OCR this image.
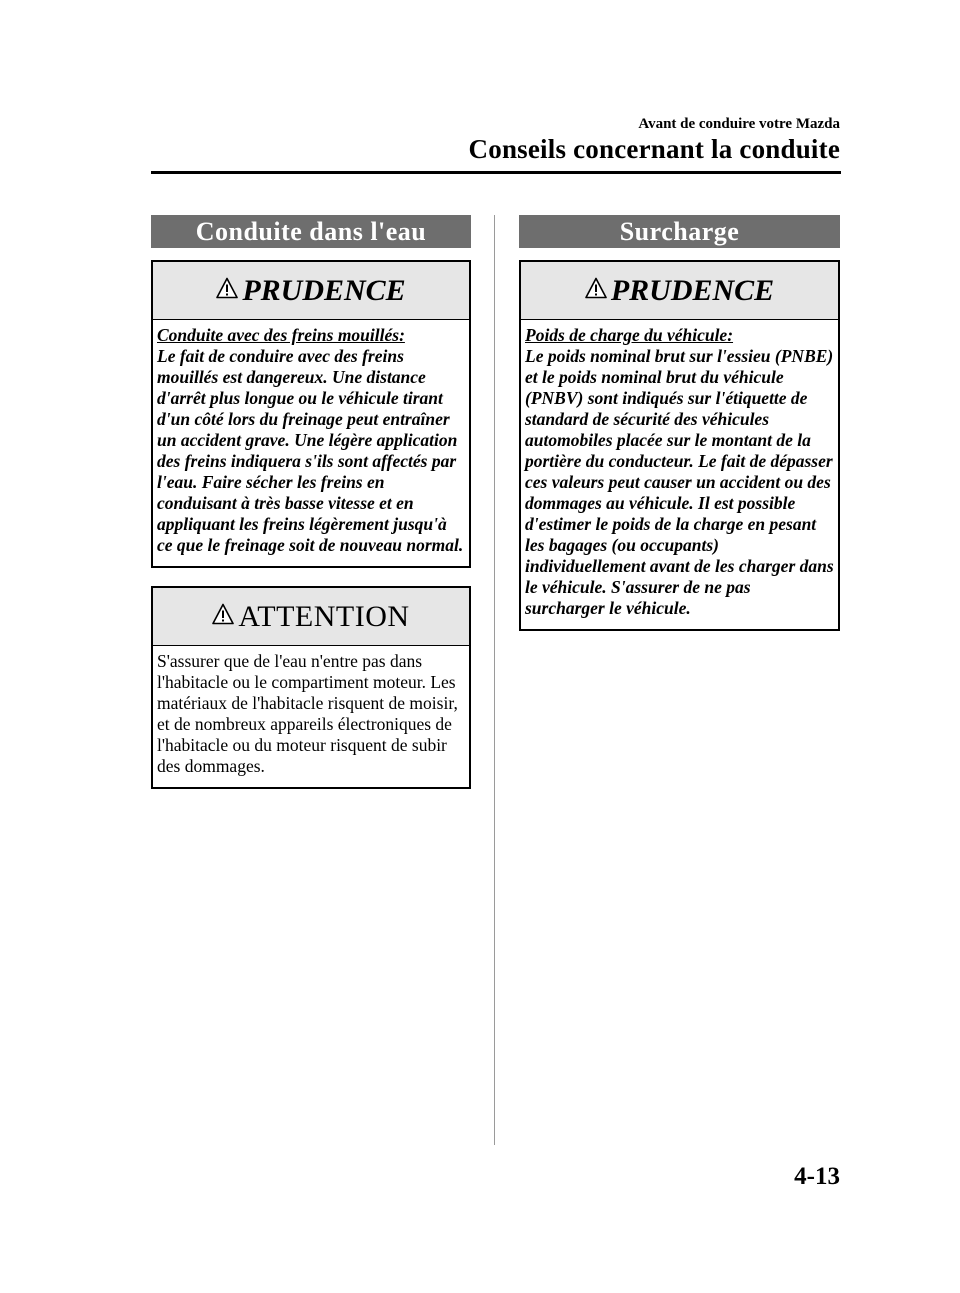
Avant de conduire votre Mazda
Conseils concernant la conduite
Conduite dans l'eau
PRUDENCE

Conduite avec des freins mouillés:

Le fait de conduire avec des freins mouillés est dangereux. Une distance d'arrêt plus longue ou le véhicule tirant d'un côté lors du freinage peut entraîner un accident grave. Une légère application des freins indiquera s'ils sont affectés par l'eau. Faire sécher les freins en conduisant à très basse vitesse et en appliquant les freins légèrement jusqu'à ce que le freinage soit de nouveau normal.

ATTENTION

S'assurer que de l'eau n'entre pas dans l'habitacle ou le compartiment moteur. Les matériaux de l'habitacle risquent de moisir, et de nombreux appareils électroniques de l'habitacle ou du moteur risquent de subir des dommages.

Surcharge
PRUDENCE

Poids de charge du véhicule:

Le poids nominal brut sur l'essieu (PNBE) et le poids nominal brut du véhicule (PNBV) sont indiqués sur l'étiquette de standard de sécurité des véhicules automobiles placée sur le montant de la portière du conducteur. Le fait de dépasser ces valeurs peut causer un accident ou des dommages au véhicule. Il est possible d'estimer le poids de la charge en pesant les bagages (ou occupants) individuellement avant de les charger dans le véhicule. S'assurer de ne pas surcharger le véhicule.

4-13
